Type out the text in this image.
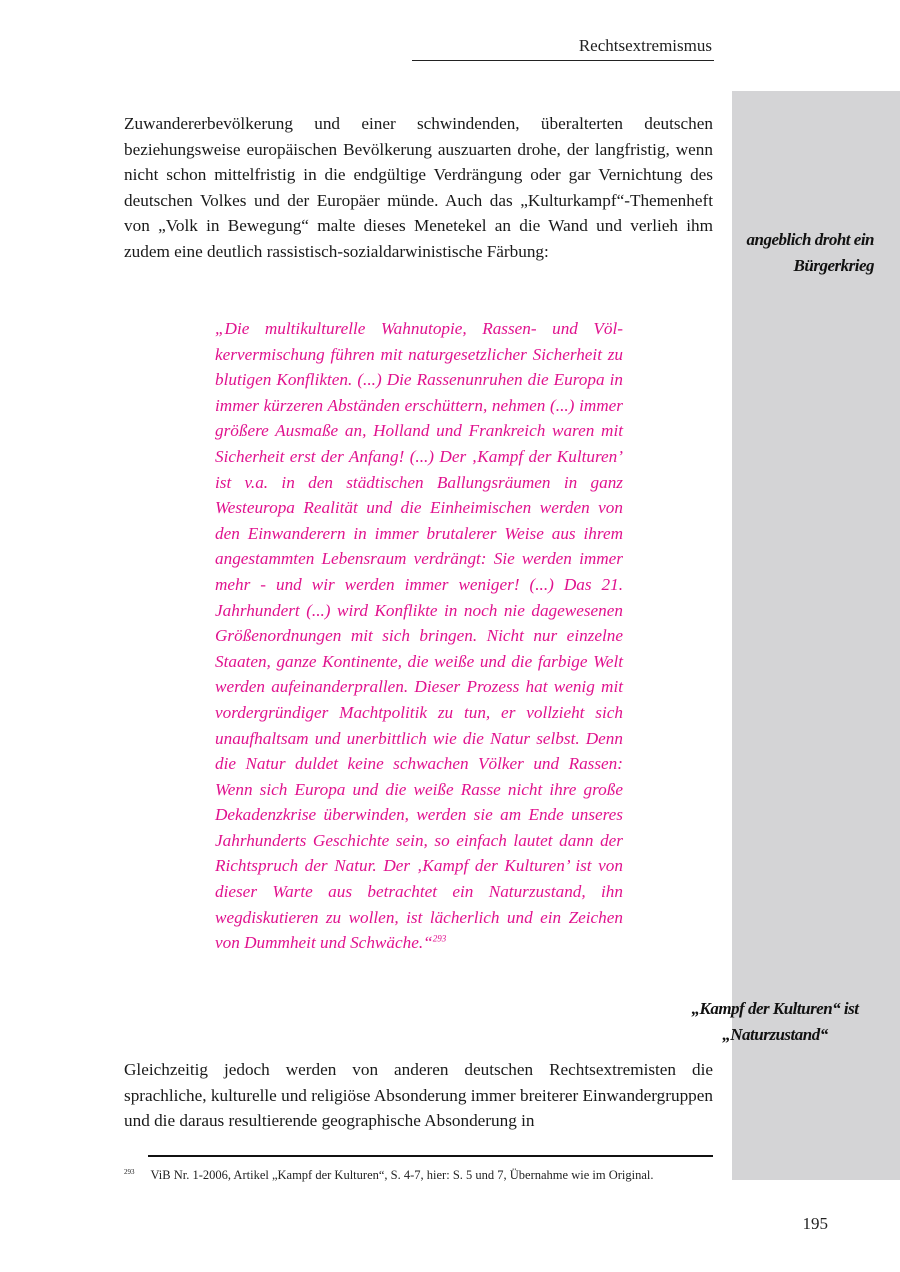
Rechtsextremismus
angeblich droht ein Bürgerkrieg
„Kampf der Kulturen“ ist „Naturzustand“
Zuwandererbevölkerung und einer schwindenden, überalterten deutschen beziehungsweise europäischen Bevölkerung auszuarten drohe, der langfristig, wenn nicht schon mittelfristig in die endgültige Verdrängung oder gar Vernichtung des deutschen Volkes und der Europäer münde. Auch das „Kulturkampf“-Themenheft von „Volk in Bewegung“ malte dieses Menetekel an die Wand und verlieh ihm zudem eine deutlich rassistisch-sozialdarwinistische Färbung:
„Die multikulturelle Wahnutopie, Rassen- und Völkervermischung führen mit naturgesetzlicher Sicherheit zu blutigen Konflikten. (...) Die Rassenunruhen die Europa in immer kürzeren Abständen erschüttern, nehmen (...) immer größere Ausmaße an, Holland und Frankreich waren mit Sicherheit erst der Anfang! (...) Der ‚Kampf der Kulturen’ ist v.a. in den städtischen Ballungsräumen in ganz Westeuropa Realität und die Einheimischen werden von den Einwanderern in immer brutalerer Weise aus ihrem angestammten Lebensraum verdrängt: Sie werden immer mehr - und wir werden immer weniger! (...) Das 21. Jahrhundert (...) wird Konflikte in noch nie dagewesenen Größenordnungen mit sich bringen. Nicht nur einzelne Staaten, ganze Kontinente, die weiße und die farbige Welt werden aufeinanderprallen. Dieser Prozess hat wenig mit vordergründiger Machtpolitik zu tun, er vollzieht sich unaufhaltsam und unerbittlich wie die Natur selbst. Denn die Natur duldet keine schwachen Völker und Rassen: Wenn sich Europa und die weiße Rasse nicht ihre große Dekadenzkrise überwinden, werden sie am Ende unseres Jahrhunderts Geschichte sein, so einfach lautet dann der Richtspruch der Natur. Der ‚Kampf der Kulturen’ ist von dieser Warte aus betrachtet ein Naturzustand, ihn wegdiskutieren zu wollen, ist lächerlich und ein Zeichen von Dummheit und Schwäche.“$^{293}$
Gleichzeitig jedoch werden von anderen deutschen Rechtsextremisten die sprachliche, kulturelle und religiöse Absonderung immer breiterer Einwandergruppen und die daraus resultierende geographische Absonderung in
$^{293}$ ViB Nr. 1-2006, Artikel „Kampf der Kulturen“, S. 4-7, hier: S. 5 und 7, Übernahme wie im Original.
195
